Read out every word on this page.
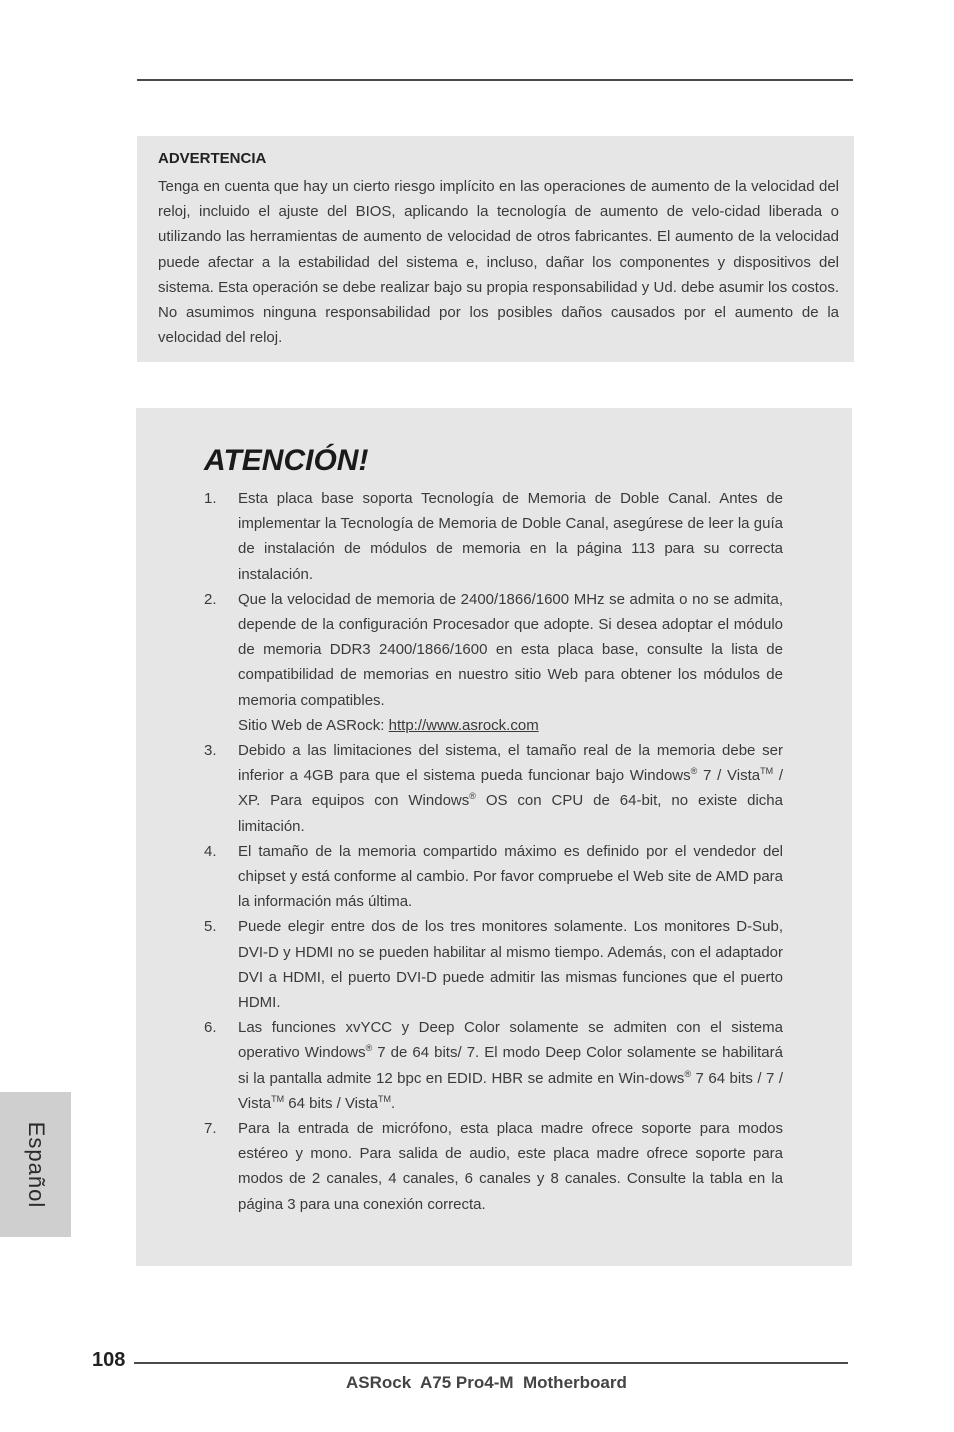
ADVERTENCIA

Tenga en cuenta que hay un cierto riesgo implícito en las operaciones de aumento de la velocidad del reloj, incluido el ajuste del BIOS, aplicando la tecnología de aumento de velo-cidad liberada o utilizando las herramientas de aumento de velocidad de otros fabricantes. El aumento de la velocidad puede afectar a la estabilidad del sistema e, incluso, dañar los componentes y dispositivos del sistema. Esta operación se debe realizar bajo su propia responsabilidad y Ud. debe asumir los costos. No asumimos ninguna responsabilidad por los posibles daños causados por el aumento de la velocidad del reloj.

ATENCIÓN!
1.	Esta placa base soporta Tecnología de Memoria de Doble Canal. Antes de implementar la Tecnología de Memoria de Doble Canal, asegúrese de leer la guía de instalación de módulos de memoria en la página 113 para su correcta instalación.

2.	Que la velocidad de memoria de 2400/1866/1600 MHz se admita o no se admita, depende de la configuración Procesador que adopte. Si desea adoptar el módulo de memoria DDR3 2400/1866/1600 en esta placa base, consulte la lista de compatibilidad de memorias en nuestro sitio Web para obtener los módulos de memoria compatibles.

Sitio Web de ASRock: http://www.asrock.com

3.	Debido a las limitaciones del sistema, el tamaño real de la memoria debe ser inferior a 4GB para que el sistema pueda funcionar bajo Windows® 7 / Vista™ / XP. Para equipos con Windows® OS con CPU de 64-bit, no existe dicha limitación.

4.	El tamaño de la memoria compartido máximo es definido por el vendedor del chipset y está conforme al cambio. Por favor compruebe el Web site de AMD para la información más última.

5.	Puede elegir entre dos de los tres monitores solamente. Los monitores D-Sub, DVI-D y HDMI no se pueden habilitar al mismo tiempo. Además, con el adaptador DVI a HDMI, el puerto DVI-D puede admitir las mismas funciones que el puerto HDMI.

6.	Las funciones xvYCC y Deep Color solamente se admiten con el sistema operativo Windows® 7 de 64 bits/ 7. El modo Deep Color solamente se habilitará si la pantalla admite 12 bpc en EDID. HBR se admite en Win-dows® 7 64 bits / 7 / Vista™ 64 bits / Vista™.

7.	Para la entrada de micrófono, esta placa madre ofrece soporte para modos estéreo y mono. Para salida de audio, este placa madre ofrece soporte para modos de 2 canales, 4 canales, 6 canales y 8 canales. Consulte la tabla en la página 3 para una conexión correcta.

Español
108
ASRock  A75 Pro4-M  Motherboard
